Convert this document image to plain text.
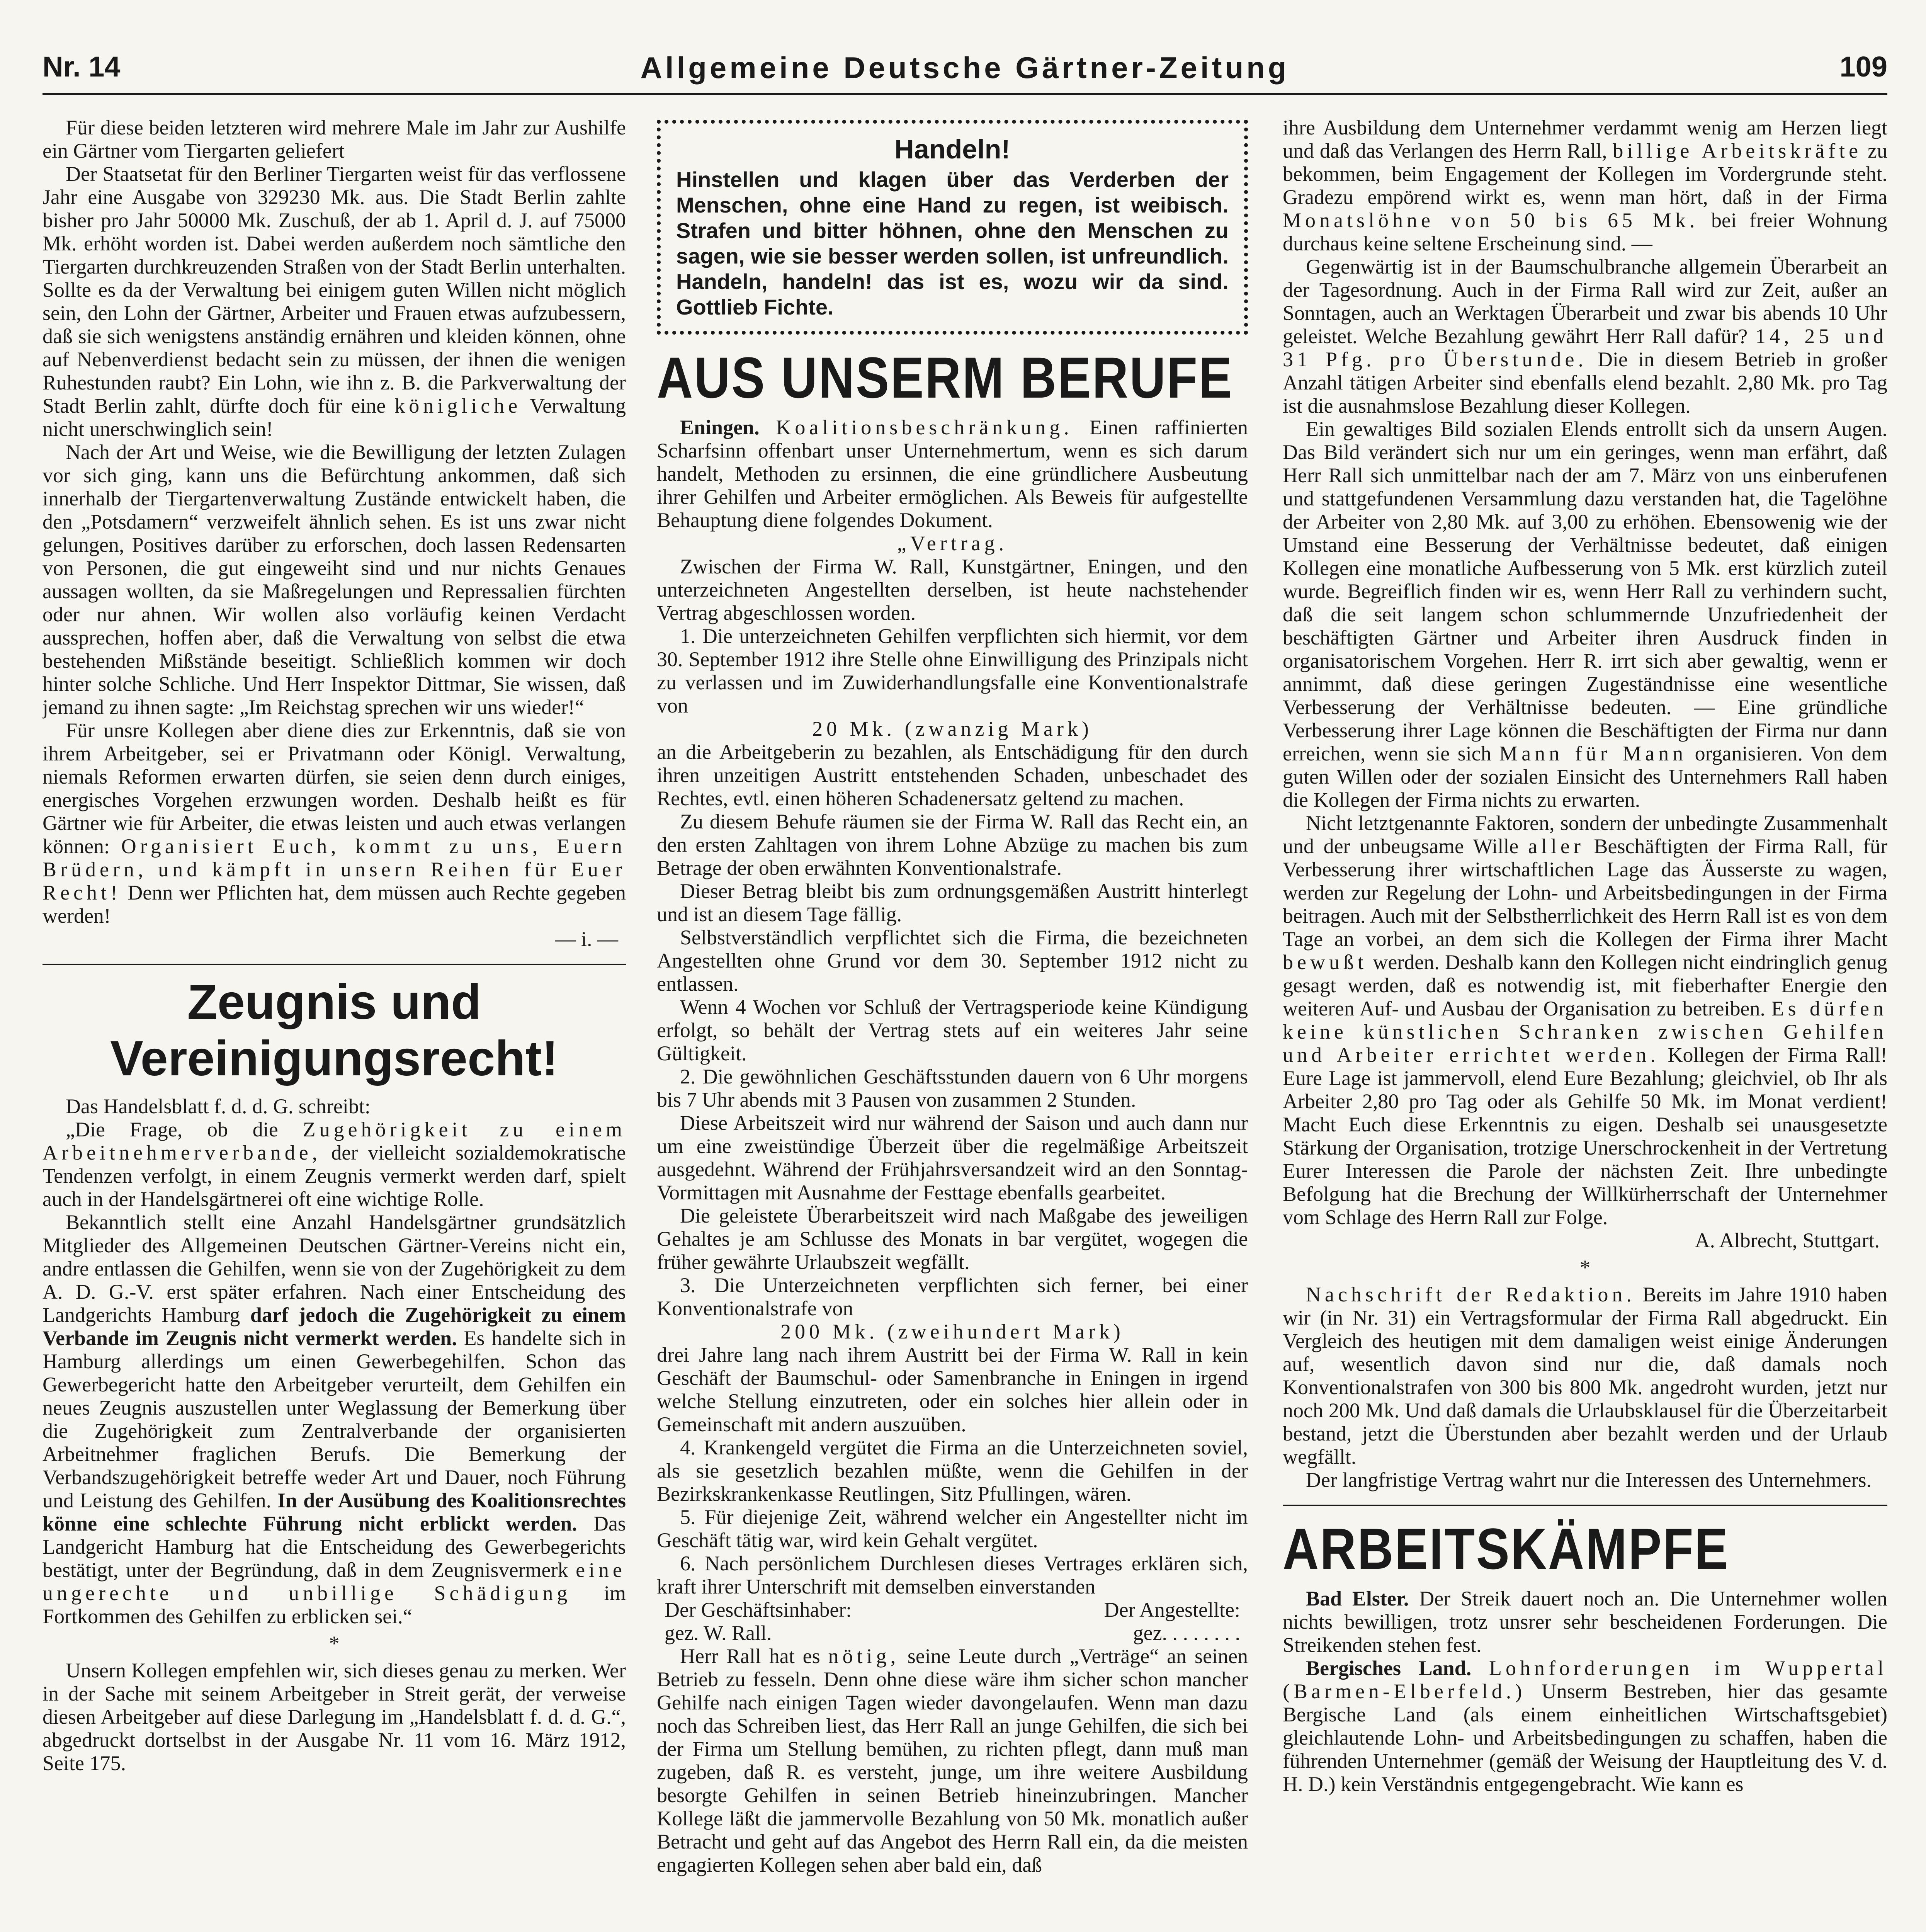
Nr. 14	Allgemeine Deutsche Gärtner-Zeitung	109

Für diese beiden letzteren wird mehrere Male im Jahr zur Aushilfe ein Gärtner vom Tiergarten geliefert

Der Staatsetat für den Berliner Tiergarten weist für das verflossene Jahr eine Ausgabe von 329230 Mk. aus. Die Stadt Berlin zahlte bisher pro Jahr 50000 Mk. Zuschuß, der ab 1. April d. J. auf 75000 Mk. erhöht worden ist. Dabei werden außerdem noch sämtliche den Tiergarten durchkreuzenden Straßen von der Stadt Berlin unterhalten. Sollte es da der Verwaltung bei einigem guten Willen nicht möglich sein, den Lohn der Gärtner, Arbeiter und Frauen etwas aufzubessern, daß sie sich wenigstens anständig ernähren und kleiden können, ohne auf Nebenverdienst bedacht sein zu müssen, der ihnen die wenigen Ruhestunden raubt? Ein Lohn, wie ihn z. B. die Parkverwaltung der Stadt Berlin zahlt, dürfte doch für eine königliche Verwaltung nicht unerschwinglich sein!

Nach der Art und Weise, wie die Bewilligung der letzten Zulagen vor sich ging, kann uns die Befürchtung ankommen, daß sich innerhalb der Tiergartenverwaltung Zustände entwickelt haben, die den „Potsdamern“ verzweifelt ähnlich sehen. Es ist uns zwar nicht gelungen, Positives darüber zu erforschen, doch lassen Redensarten von Personen, die gut eingeweiht sind und nur nichts Genaues aussagen wollten, da sie Maßregelungen und Repressalien fürchten oder nur ahnen. Wir wollen also vorläufig keinen Verdacht aussprechen, hoffen aber, daß die Verwaltung von selbst die etwa bestehenden Mißstände beseitigt. Schließlich kommen wir doch hinter solche Schliche. Und Herr Inspektor Dittmar, Sie wissen, daß jemand zu ihnen sagte: „Im Reichstag sprechen wir uns wieder!“

Für unsre Kollegen aber diene dies zur Erkenntnis, daß sie von ihrem Arbeitgeber, sei er Privatmann oder Königl. Verwaltung, niemals Reformen erwarten dürfen, sie seien denn durch einiges, energisches Vorgehen erzwungen worden. Deshalb heißt es für Gärtner wie für Arbeiter, die etwas leisten und auch etwas verlangen können: Organisiert Euch, kommt zu uns, Euern Brüdern, und kämpft in unsern Reihen für Euer Recht! Denn wer Pflichten hat, dem müssen auch Rechte gegeben werden!

— i. —

Zeugnis und Vereinigungsrecht!

Das Handelsblatt f. d. d. G. schreibt:

„Die Frage, ob die Zugehörigkeit zu einem Arbeitnehmerverbande, der vielleicht sozialdemokratische Tendenzen verfolgt, in einem Zeugnis vermerkt werden darf, spielt auch in der Handelsgärtnerei oft eine wichtige Rolle.

Bekanntlich stellt eine Anzahl Handelsgärtner grundsätzlich Mitglieder des Allgemeinen Deutschen Gärtner-Vereins nicht ein, andre entlassen die Gehilfen, wenn sie von der Zugehörigkeit zu dem A. D. G.-V. erst später erfahren. Nach einer Entscheidung des Landgerichts Hamburg darf jedoch die Zugehörigkeit zu einem Verbande im Zeugnis nicht vermerkt werden. Es handelte sich in Hamburg allerdings um einen Gewerbegehilfen. Schon das Gewerbegericht hatte den Arbeitgeber verurteilt, dem Gehilfen ein neues Zeugnis auszustellen unter Weglassung der Bemerkung über die Zugehörigkeit zum Zentralverbande der organisierten Arbeitnehmer fraglichen Berufs. Die Bemerkung der Verbandszugehörigkeit betreffe weder Art und Dauer, noch Führung und Leistung des Gehilfen. In der Ausübung des Koalitionsrechtes könne eine schlechte Führung nicht erblickt werden. Das Landgericht Hamburg hat die Entscheidung des Gewerbegerichts bestätigt, unter der Begründung, daß in dem Zeugnisvermerk eine ungerechte und unbillige Schädigung im Fortkommen des Gehilfen zu erblicken sei.“

*

Unsern Kollegen empfehlen wir, sich dieses genau zu merken. Wer in der Sache mit seinem Arbeitgeber in Streit gerät, der verweise diesen Arbeitgeber auf diese Darlegung im „Handelsblatt f. d. d. G.“, abgedruckt dortselbst in der Ausgabe Nr. 11 vom 16. März 1912, Seite 175.

Handeln!
Hinstellen und klagen über das Verderben der Menschen, ohne eine Hand zu regen, ist weibisch. Strafen und bitter höhnen, ohne den Menschen zu sagen, wie sie besser werden sollen, ist unfreundlich. Handeln, handeln! das ist es, wozu wir da sind. Gottlieb Fichte.
AUS UNSERM BERUFE

Eningen. Koalitionsbeschränkung. Einen raffinierten Scharfsinn offenbart unser Unternehmertum, wenn es sich darum handelt, Methoden zu ersinnen, die eine gründlichere Ausbeutung ihrer Gehilfen und Arbeiter ermöglichen. Als Beweis für aufgestellte Behauptung diene folgendes Dokument.

„Vertrag.

Zwischen der Firma W. Rall, Kunstgärtner, Eningen, und den unterzeichneten Angestellten derselben, ist heute nachstehender Vertrag abgeschlossen worden.

1. Die unterzeichneten Gehilfen verpflichten sich hiermit, vor dem 30. September 1912 ihre Stelle ohne Einwilligung des Prinzipals nicht zu verlassen und im Zuwiderhandlungsfalle eine Konventionalstrafe von

20 Mk. (zwanzig Mark)

an die Arbeitgeberin zu bezahlen, als Entschädigung für den durch ihren unzeitigen Austritt entstehenden Schaden, unbeschadet des Rechtes, evtl. einen höheren Schadenersatz geltend zu machen.

Zu diesem Behufe räumen sie der Firma W. Rall das Recht ein, an den ersten Zahltagen von ihrem Lohne Abzüge zu machen bis zum Betrage der oben erwähnten Konventionalstrafe.

Dieser Betrag bleibt bis zum ordnungsgemäßen Austritt hinterlegt und ist an diesem Tage fällig.

Selbstverständlich verpflichtet sich die Firma, die bezeichneten Angestellten ohne Grund vor dem 30. September 1912 nicht zu entlassen.

Wenn 4 Wochen vor Schluß der Vertragsperiode keine Kündigung erfolgt, so behält der Vertrag stets auf ein weiteres Jahr seine Gültigkeit.

2. Die gewöhnlichen Geschäftsstunden dauern von 6 Uhr morgens bis 7 Uhr abends mit 3 Pausen von zusammen 2 Stunden.

Diese Arbeitszeit wird nur während der Saison und auch dann nur um eine zweistündige Überzeit über die regelmäßige Arbeitszeit ausgedehnt. Während der Frühjahrsversandzeit wird an den Sonntag-Vormittagen mit Ausnahme der Festtage ebenfalls gearbeitet.

Die geleistete Überarbeitszeit wird nach Maßgabe des jeweiligen Gehaltes je am Schlusse des Monats in bar vergütet, wogegen die früher gewährte Urlaubszeit wegfällt.

3. Die Unterzeichneten verpflichten sich ferner, bei einer Konventionalstrafe von

200 Mk. (zweihundert Mark)

drei Jahre lang nach ihrem Austritt bei der Firma W. Rall in kein Geschäft der Baumschul- oder Samenbranche in Eningen in irgend welche Stellung einzutreten, oder ein solches hier allein oder in Gemeinschaft mit andern auszuüben.

4. Krankengeld vergütet die Firma an die Unterzeichneten soviel, als sie gesetzlich bezahlen müßte, wenn die Gehilfen in der Bezirkskrankenkasse Reutlingen, Sitz Pfullingen, wären.

5. Für diejenige Zeit, während welcher ein Angestellter nicht im Geschäft tätig war, wird kein Gehalt vergütet.

6. Nach persönlichem Durchlesen dieses Vertrages erklären sich, kraft ihrer Unterschrift mit demselben einverstanden

Der Geschäftsinhaber:	Der Angestellte:
gez. W. Rall.	gez. . . . . . . .

Herr Rall hat es nötig, seine Leute durch „Verträge“ an seinen Betrieb zu fesseln. Denn ohne diese wäre ihm sicher schon mancher Gehilfe nach einigen Tagen wieder davongelaufen. Wenn man dazu noch das Schreiben liest, das Herr Rall an junge Gehilfen, die sich bei der Firma um Stellung bemühen, zu richten pflegt, dann muß man zugeben, daß R. es versteht, junge, um ihre weitere Ausbildung besorgte Gehilfen in seinen Betrieb hineinzubringen. Mancher Kollege läßt die jammervolle Bezahlung von 50 Mk. monatlich außer Betracht und geht auf das Angebot des Herrn Rall ein, da die meisten engagierten Kollegen sehen aber bald ein, daß

ihre Ausbildung dem Unternehmer verdammt wenig am Herzen liegt und daß das Verlangen des Herrn Rall, billige Arbeitskräfte zu bekommen, beim Engagement der Kollegen im Vordergrunde steht. Gradezu empörend wirkt es, wenn man hört, daß in der Firma Monatslöhne von 50 bis 65 Mk. bei freier Wohnung durchaus keine seltene Erscheinung sind. —

Gegenwärtig ist in der Baumschulbranche allgemein Überarbeit an der Tagesordnung. Auch in der Firma Rall wird zur Zeit, außer an Sonntagen, auch an Werktagen Überarbeit und zwar bis abends 10 Uhr geleistet. Welche Bezahlung gewährt Herr Rall dafür? 14, 25 und 31 Pfg. pro Überstunde. Die in diesem Betrieb in großer Anzahl tätigen Arbeiter sind ebenfalls elend bezahlt. 2,80 Mk. pro Tag ist die ausnahmslose Bezahlung dieser Kollegen.

Ein gewaltiges Bild sozialen Elends entrollt sich da unsern Augen. Das Bild verändert sich nur um ein geringes, wenn man erfährt, daß Herr Rall sich unmittelbar nach der am 7. März von uns einberufenen und stattgefundenen Versammlung dazu verstanden hat, die Tagelöhne der Arbeiter von 2,80 Mk. auf 3,00 zu erhöhen. Ebensowenig wie der Umstand eine Besserung der Verhältnisse bedeutet, daß einigen Kollegen eine monatliche Aufbesserung von 5 Mk. erst kürzlich zuteil wurde. Begreiflich finden wir es, wenn Herr Rall zu verhindern sucht, daß die seit langem schon schlummernde Unzufriedenheit der beschäftigten Gärtner und Arbeiter ihren Ausdruck finden in organisatorischem Vorgehen. Herr R. irrt sich aber gewaltig, wenn er annimmt, daß diese geringen Zugeständnisse eine wesentliche Verbesserung der Verhältnisse bedeuten. — Eine gründliche Verbesserung ihrer Lage können die Beschäftigten der Firma nur dann erreichen, wenn sie sich Mann für Mann organisieren. Von dem guten Willen oder der sozialen Einsicht des Unternehmers Rall haben die Kollegen der Firma nichts zu erwarten.

Nicht letztgenannte Faktoren, sondern der unbedingte Zusammenhalt und der unbeugsame Wille aller Beschäftigten der Firma Rall, für Verbesserung ihrer wirtschaftlichen Lage das Äusserste zu wagen, werden zur Regelung der Lohn- und Arbeitsbedingungen in der Firma beitragen. Auch mit der Selbstherrlichkeit des Herrn Rall ist es von dem Tage an vorbei, an dem sich die Kollegen der Firma ihrer Macht bewußt werden. Deshalb kann den Kollegen nicht eindringlich genug gesagt werden, daß es notwendig ist, mit fieberhafter Energie den weiteren Auf- und Ausbau der Organisation zu betreiben. Es dürfen keine künstlichen Schranken zwischen Gehilfen und Arbeiter errichtet werden. Kollegen der Firma Rall! Eure Lage ist jammervoll, elend Eure Bezahlung; gleichviel, ob Ihr als Arbeiter 2,80 pro Tag oder als Gehilfe 50 Mk. im Monat verdient! Macht Euch diese Erkenntnis zu eigen. Deshalb sei unausgesetzte Stärkung der Organisation, trotzige Unerschrockenheit in der Vertretung Eurer Interessen die Parole der nächsten Zeit. Ihre unbedingte Befolgung hat die Brechung der Willkürherrschaft der Unternehmer vom Schlage des Herrn Rall zur Folge.

A. Albrecht, Stuttgart.

*

Nachschrift der Redaktion. Bereits im Jahre 1910 haben wir (in Nr. 31) ein Vertragsformular der Firma Rall abgedruckt. Ein Vergleich des heutigen mit dem damaligen weist einige Änderungen auf, wesentlich davon sind nur die, daß damals noch Konventionalstrafen von 300 bis 800 Mk. angedroht wurden, jetzt nur noch 200 Mk. Und daß damals die Urlaubsklausel für die Überzeitarbeit bestand, jetzt die Überstunden aber bezahlt werden und der Urlaub wegfällt.

Der langfristige Vertrag wahrt nur die Interessen des Unternehmers.

ARBEITSKÄMPFE

Bad Elster. Der Streik dauert noch an. Die Unternehmer wollen nichts bewilligen, trotz unsrer sehr bescheidenen Forderungen. Die Streikenden stehen fest.

Bergisches Land. Lohnforderungen im Wuppertal (Barmen-Elberfeld.) Unserm Bestreben, hier das gesamte Bergische Land (als einem einheitlichen Wirtschaftsgebiet) gleichlautende Lohn- und Arbeitsbedingungen zu schaffen, haben die führenden Unternehmer (gemäß der Weisung der Hauptleitung des V. d. H. D.) kein Verständnis entgegengebracht. Wie kann es
